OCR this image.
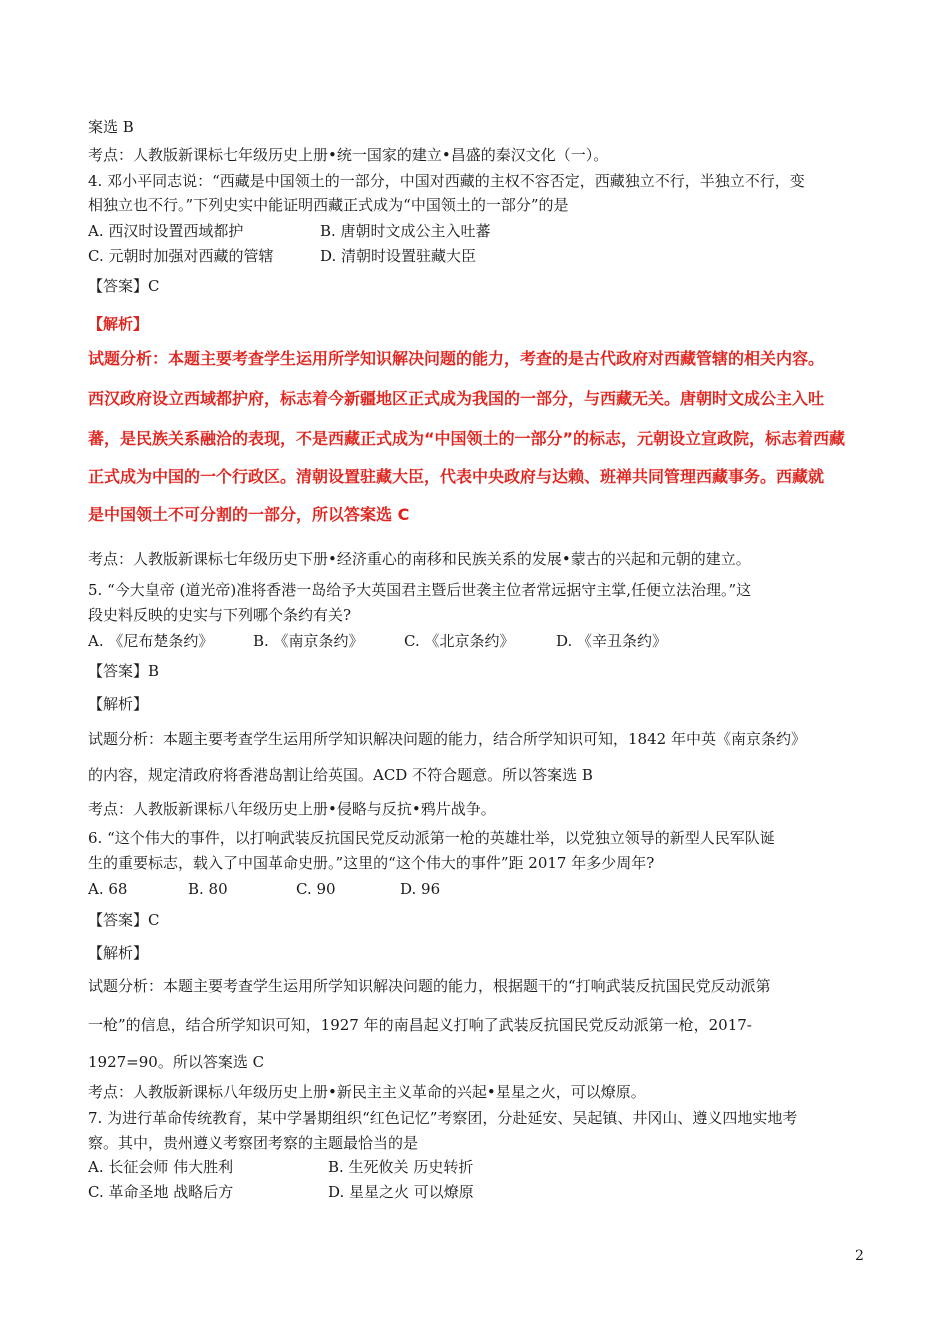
案选 B
考点：人教版新课标七年级历史上册•统一国家的建立•昌盛的秦汉文化（一）。
4. 邓小平同志说：“西藏是中国领土的一部分，中国对西藏的主权不容否定，西藏独立不行，半独立不行，变
相独立也不行。”下列史实中能证明西藏正式成为“中国领土的一部分”的是
A. 西汉时设置西域都护	B. 唐朝时文成公主入吐蕃
C. 元朝时加强对西藏的管辖	D. 清朝时设置驻藏大臣
【答案】C
【解析】
试题分析：本题主要考查学生运用所学知识解决问题的能力，考查的是古代政府对西藏管辖的相关内容。
西汉政府设立西域都护府，标志着今新疆地区正式成为我国的一部分，与西藏无关。唐朝时文成公主入吐
蕃，是民族关系融洽的表现，不是西藏正式成为“中国领土的一部分”的标志，元朝设立宣政院，标志着西藏
正式成为中国的一个行政区。清朝设置驻藏大臣，代表中央政府与达赖、班禅共同管理西藏事务。西藏就
是中国领土不可分割的一部分，所以答案选 C
考点：人教版新课标七年级历史下册•经济重心的南移和民族关系的发展•蒙古的兴起和元朝的建立。
5. “今大皇帝 (道光帝)准将香港一岛给予大英国君主暨后世袭主位者常远据守主掌,任便立法治理。”这
段史料反映的史实与下列哪个条约有关?
A. 《尼布楚条约》	B. 《南京条约》	C. 《北京条约》	D. 《辛丑条约》
【答案】B
【解析】
试题分析：本题主要考查学生运用所学知识解决问题的能力，结合所学知识可知，1842 年中英《南京条约》
的内容，规定清政府将香港岛割让给英国。ACD 不符合题意。所以答案选 B
考点：人教版新课标八年级历史上册•侵略与反抗•鸦片战争。
6. “这个伟大的事件，以打响武装反抗国民党反动派第一枪的英雄壮举，以党独立领导的新型人民军队诞
生的重要标志，载入了中国革命史册。”这里的“这个伟大的事件”距 2017 年多少周年?
A. 68	B. 80	C. 90	D. 96
【答案】C
【解析】
试题分析：本题主要考查学生运用所学知识解决问题的能力，根据题干的“打响武装反抗国民党反动派第
一枪”的信息，结合所学知识可知，1927 年的南昌起义打响了武装反抗国民党反动派第一枪，2017-
1927=90。所以答案选 C
考点：人教版新课标八年级历史上册•新民主主义革命的兴起•星星之火，可以燎原。
7. 为进行革命传统教育，某中学暑期组织“红色记忆”考察团，分赴延安、吴起镇、井冈山、遵义四地实地考
察。其中，贵州遵义考察团考察的主题最恰当的是
A. 长征会师 伟大胜利	B. 生死攸关 历史转折
C. 革命圣地 战略后方	D. 星星之火 可以燎原
2
